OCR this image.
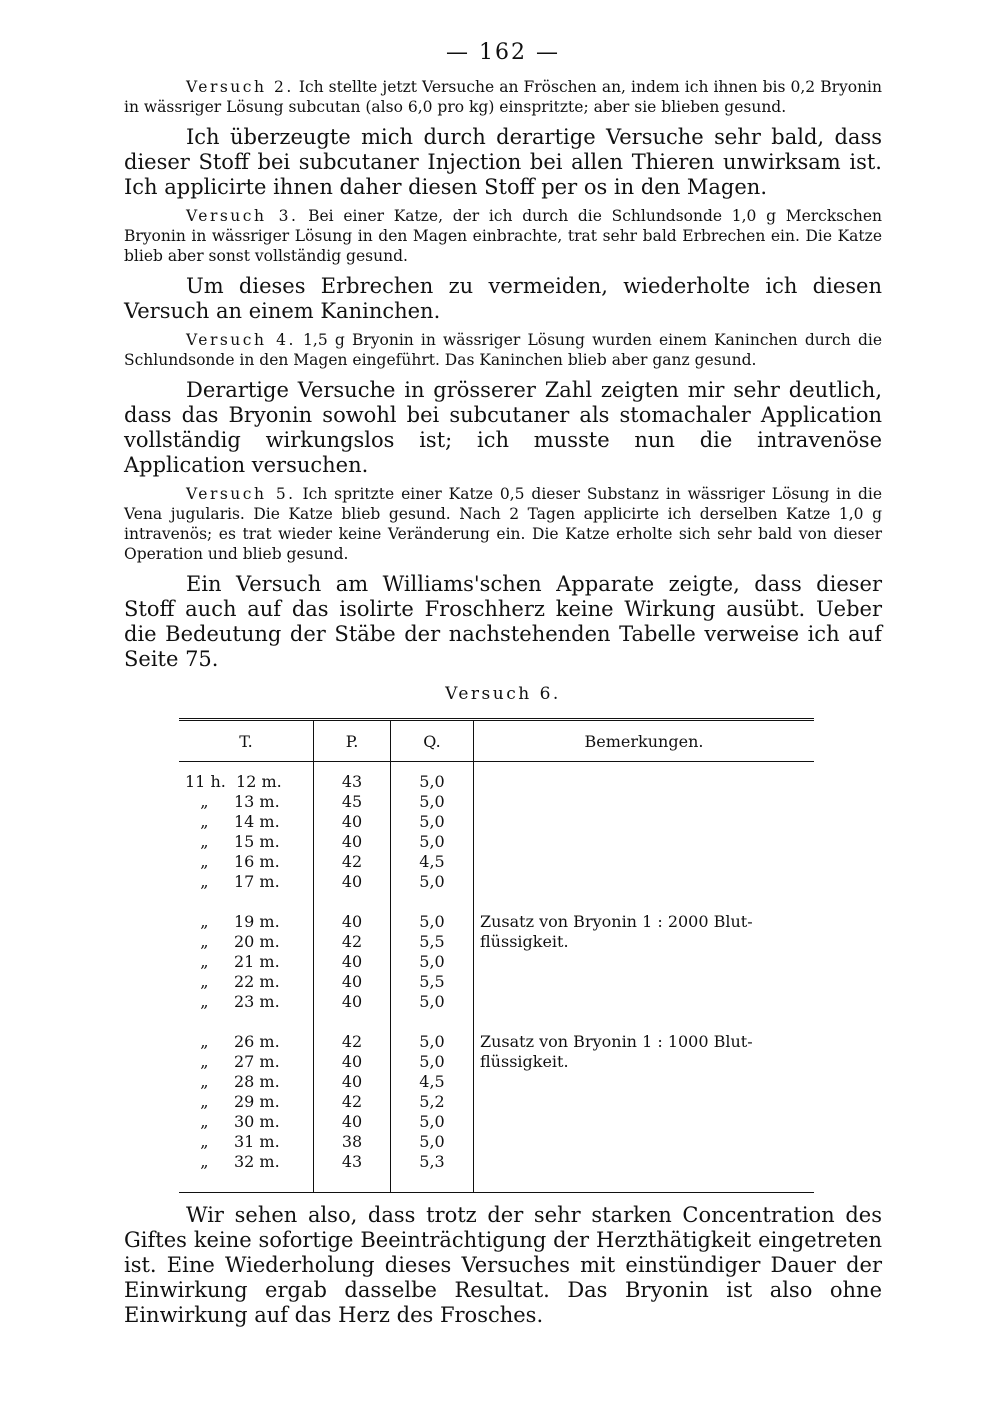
— 162 —

Versuch 2. Ich stellte jetzt Versuche an Fröschen an, indem ich ihnen bis 0,2 Bryonin in wässriger Lösung subcutan (also 6,0 pro kg) einspritzte; aber sie blieben gesund.

Ich überzeugte mich durch derartige Versuche sehr bald, dass dieser Stoff bei subcutaner Injection bei allen Thieren unwirksam ist. Ich applicirte ihnen daher diesen Stoff per os in den Magen.

Versuch 3. Bei einer Katze, der ich durch die Schlundsonde 1,0 g Merckschen Bryonin in wässriger Lösung in den Magen einbrachte, trat sehr bald Erbrechen ein. Die Katze blieb aber sonst vollständig gesund.

Um dieses Erbrechen zu vermeiden, wiederholte ich diesen Versuch an einem Kaninchen.

Versuch 4. 1,5 g Bryonin in wässriger Lösung wurden einem Kaninchen durch die Schlundsonde in den Magen eingeführt. Das Kaninchen blieb aber ganz gesund.

Derartige Versuche in grösserer Zahl zeigten mir sehr deutlich, dass das Bryonin sowohl bei subcutaner als stomachaler Application vollständig wirkungslos ist; ich musste nun die intravenöse Application versuchen.

Versuch 5. Ich spritzte einer Katze 0,5 dieser Substanz in wässriger Lösung in die Vena jugularis. Die Katze blieb gesund. Nach 2 Tagen applicirte ich derselben Katze 1,0 g intravenös; es trat wieder keine Veränderung ein. Die Katze erholte sich sehr bald von dieser Operation und blieb gesund.

Ein Versuch am Williams'schen Apparate zeigte, dass dieser Stoff auch auf das isolirte Froschherz keine Wirkung ausübt. Ueber die Bedeutung der Stäbe der nachstehenden Tabelle verweise ich auf Seite 75.

Versuch 6.
T.	P.	Q.	Bemerkungen.
11 h.  12 m.	43	5,0	
„     13 m.	45	5,0	
„     14 m.	40	5,0	
„     15 m.	40	5,0	
„     16 m.	42	4,5	
„     17 m.	40	5,0	

„     19 m.	40	5,0	Zusatz von Bryonin 1 : 2000 Blut-
„     20 m.	42	5,5	flüssigkeit.
„     21 m.	40	5,0	
„     22 m.	40	5,5	
„     23 m.	40	5,0	

„     26 m.	42	5,0	Zusatz von Bryonin 1 : 1000 Blut-
„     27 m.	40	5,0	flüssigkeit.
„     28 m.	40	4,5	
„     29 m.	42	5,2	
„     30 m.	40	5,0	
„     31 m.	38	5,0	
„     32 m.	43	5,3	

Wir sehen also, dass trotz der sehr starken Concentration des Giftes keine sofortige Beeinträchtigung der Herzthätigkeit eingetreten ist. Eine Wiederholung dieses Versuches mit einstündiger Dauer der Einwirkung ergab dasselbe Resultat. Das Bryonin ist also ohne Einwirkung auf das Herz des Frosches.
